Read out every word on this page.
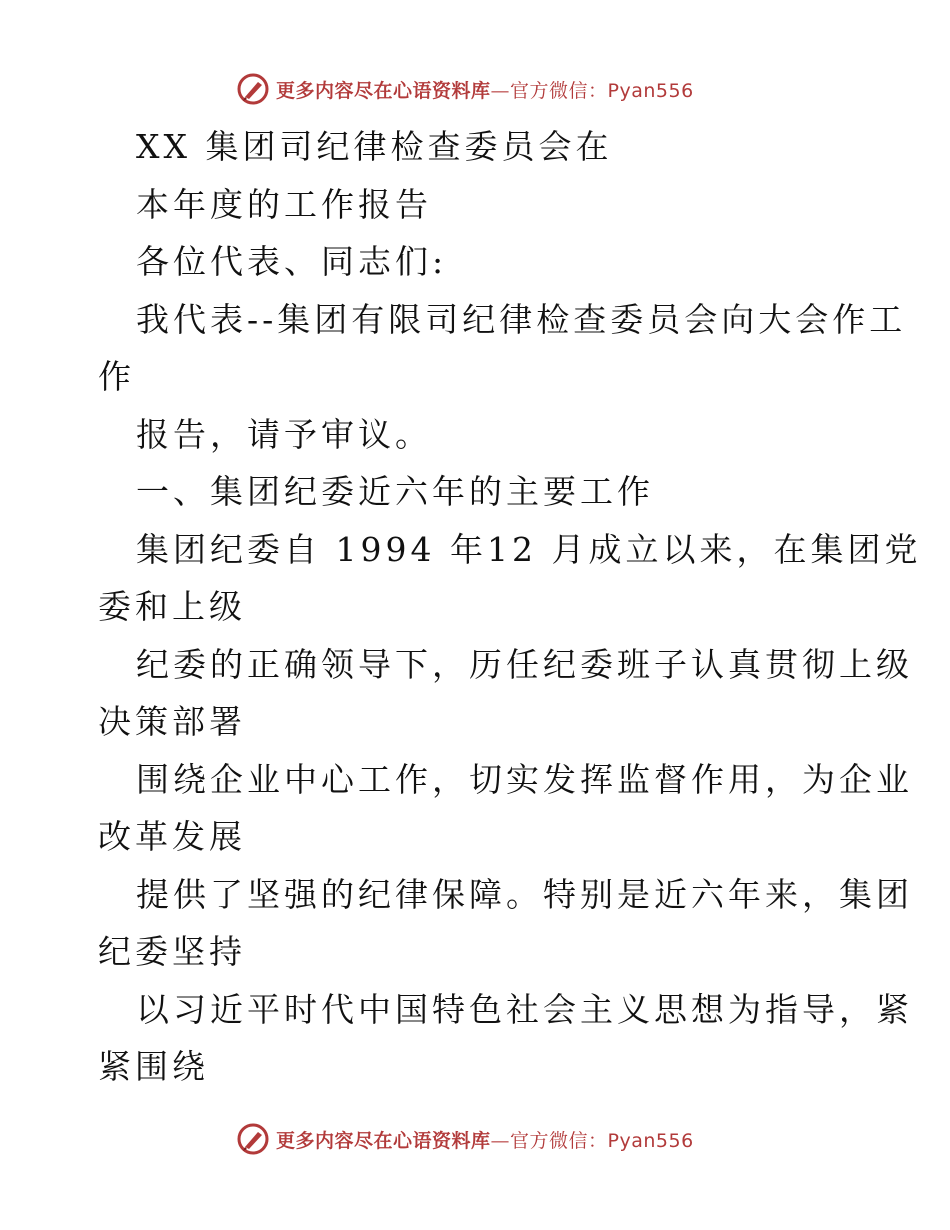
更多内容尽在心语资料库—官方微信：Pyan556
XX 集团司纪律检查委员会在
本年度的工作报告
各位代表、同志们:
我代表--集团有限司纪律检查委员会向大会作工
作
报告，请予审议。
一、集团纪委近六年的主要工作
集团纪委自 1994 年12 月成立以来，在集团党
委和上级
纪委的正确领导下，历任纪委班子认真贯彻上级
决策部署
围绕企业中心工作，切实发挥监督作用，为企业
改革发展
提供了坚强的纪律保障。特别是近六年来，集团
纪委坚持
以习近平时代中国特色社会主义思想为指导，紧
紧围绕
更多内容尽在心语资料库—官方微信：Pyan556
